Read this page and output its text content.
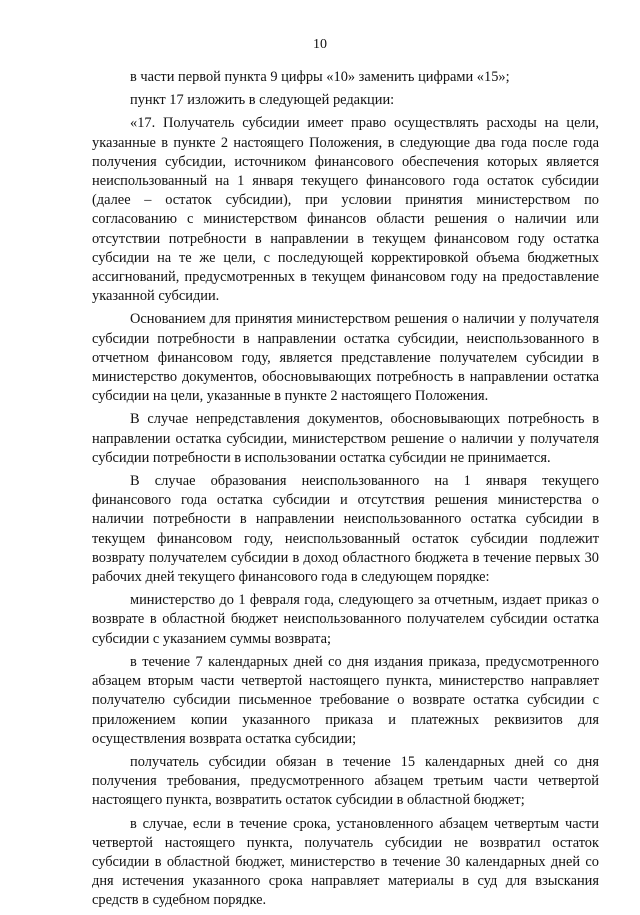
10

в части первой пункта 9 цифры «10» заменить цифрами «15»;

пункт 17 изложить в следующей редакции:

«17. Получатель субсидии имеет право осуществлять расходы на цели, указанные в пункте 2 настоящего Положения, в следующие два года после года получения субсидии, источником финансового обеспечения которых является неиспользованный на 1 января текущего финансового года остаток субсидии (далее – остаток субсидии), при условии принятия министерством по согласованию с министерством финансов области решения о наличии или отсутствии потребности в направлении в текущем финансовом году остатка субсидии на те же цели, с последующей корректировкой объема бюджетных ассигнований, предусмотренных в текущем финансовом году на предоставление указанной субсидии.

Основанием для принятия министерством решения о наличии у получателя субсидии потребности в направлении остатка субсидии, неиспользованного в отчетном финансовом году, является представление получателем субсидии в министерство документов, обосновывающих потребность в направлении остатка субсидии на цели, указанные в пункте 2 настоящего Положения.

В случае непредставления документов, обосновывающих потребность в направлении остатка субсидии, министерством решение о наличии у получателя субсидии потребности в использовании остатка субсидии не принимается.

В случае образования неиспользованного на 1 января текущего финансового года остатка субсидии и отсутствия решения министерства о наличии потребности в направлении неиспользованного остатка субсидии в текущем финансовом году, неиспользованный остаток субсидии подлежит возврату получателем субсидии в доход областного бюджета в течение первых 30 рабочих дней текущего финансового года в следующем порядке:

министерство до 1 февраля года, следующего за отчетным, издает приказ о возврате в областной бюджет неиспользованного получателем субсидии остатка субсидии с указанием суммы возврата;

в течение 7 календарных дней со дня издания приказа, предусмотренного абзацем вторым части четвертой настоящего пункта, министерство направляет получателю субсидии письменное требование о возврате остатка субсидии с приложением копии указанного приказа и платежных реквизитов для осуществления возврата остатка субсидии;

получатель субсидии обязан в течение 15 календарных дней со дня получения требования, предусмотренного абзацем третьим части четвертой настоящего пункта, возвратить остаток субсидии в областной бюджет;

в случае, если в течение срока, установленного абзацем четвертым части четвертой настоящего пункта, получатель субсидии не возвратил остаток субсидии в областной бюджет, министерство в течение 30 календарных дней со дня истечения указанного срока направляет материалы в суд для взыскания средств в судебном порядке.
